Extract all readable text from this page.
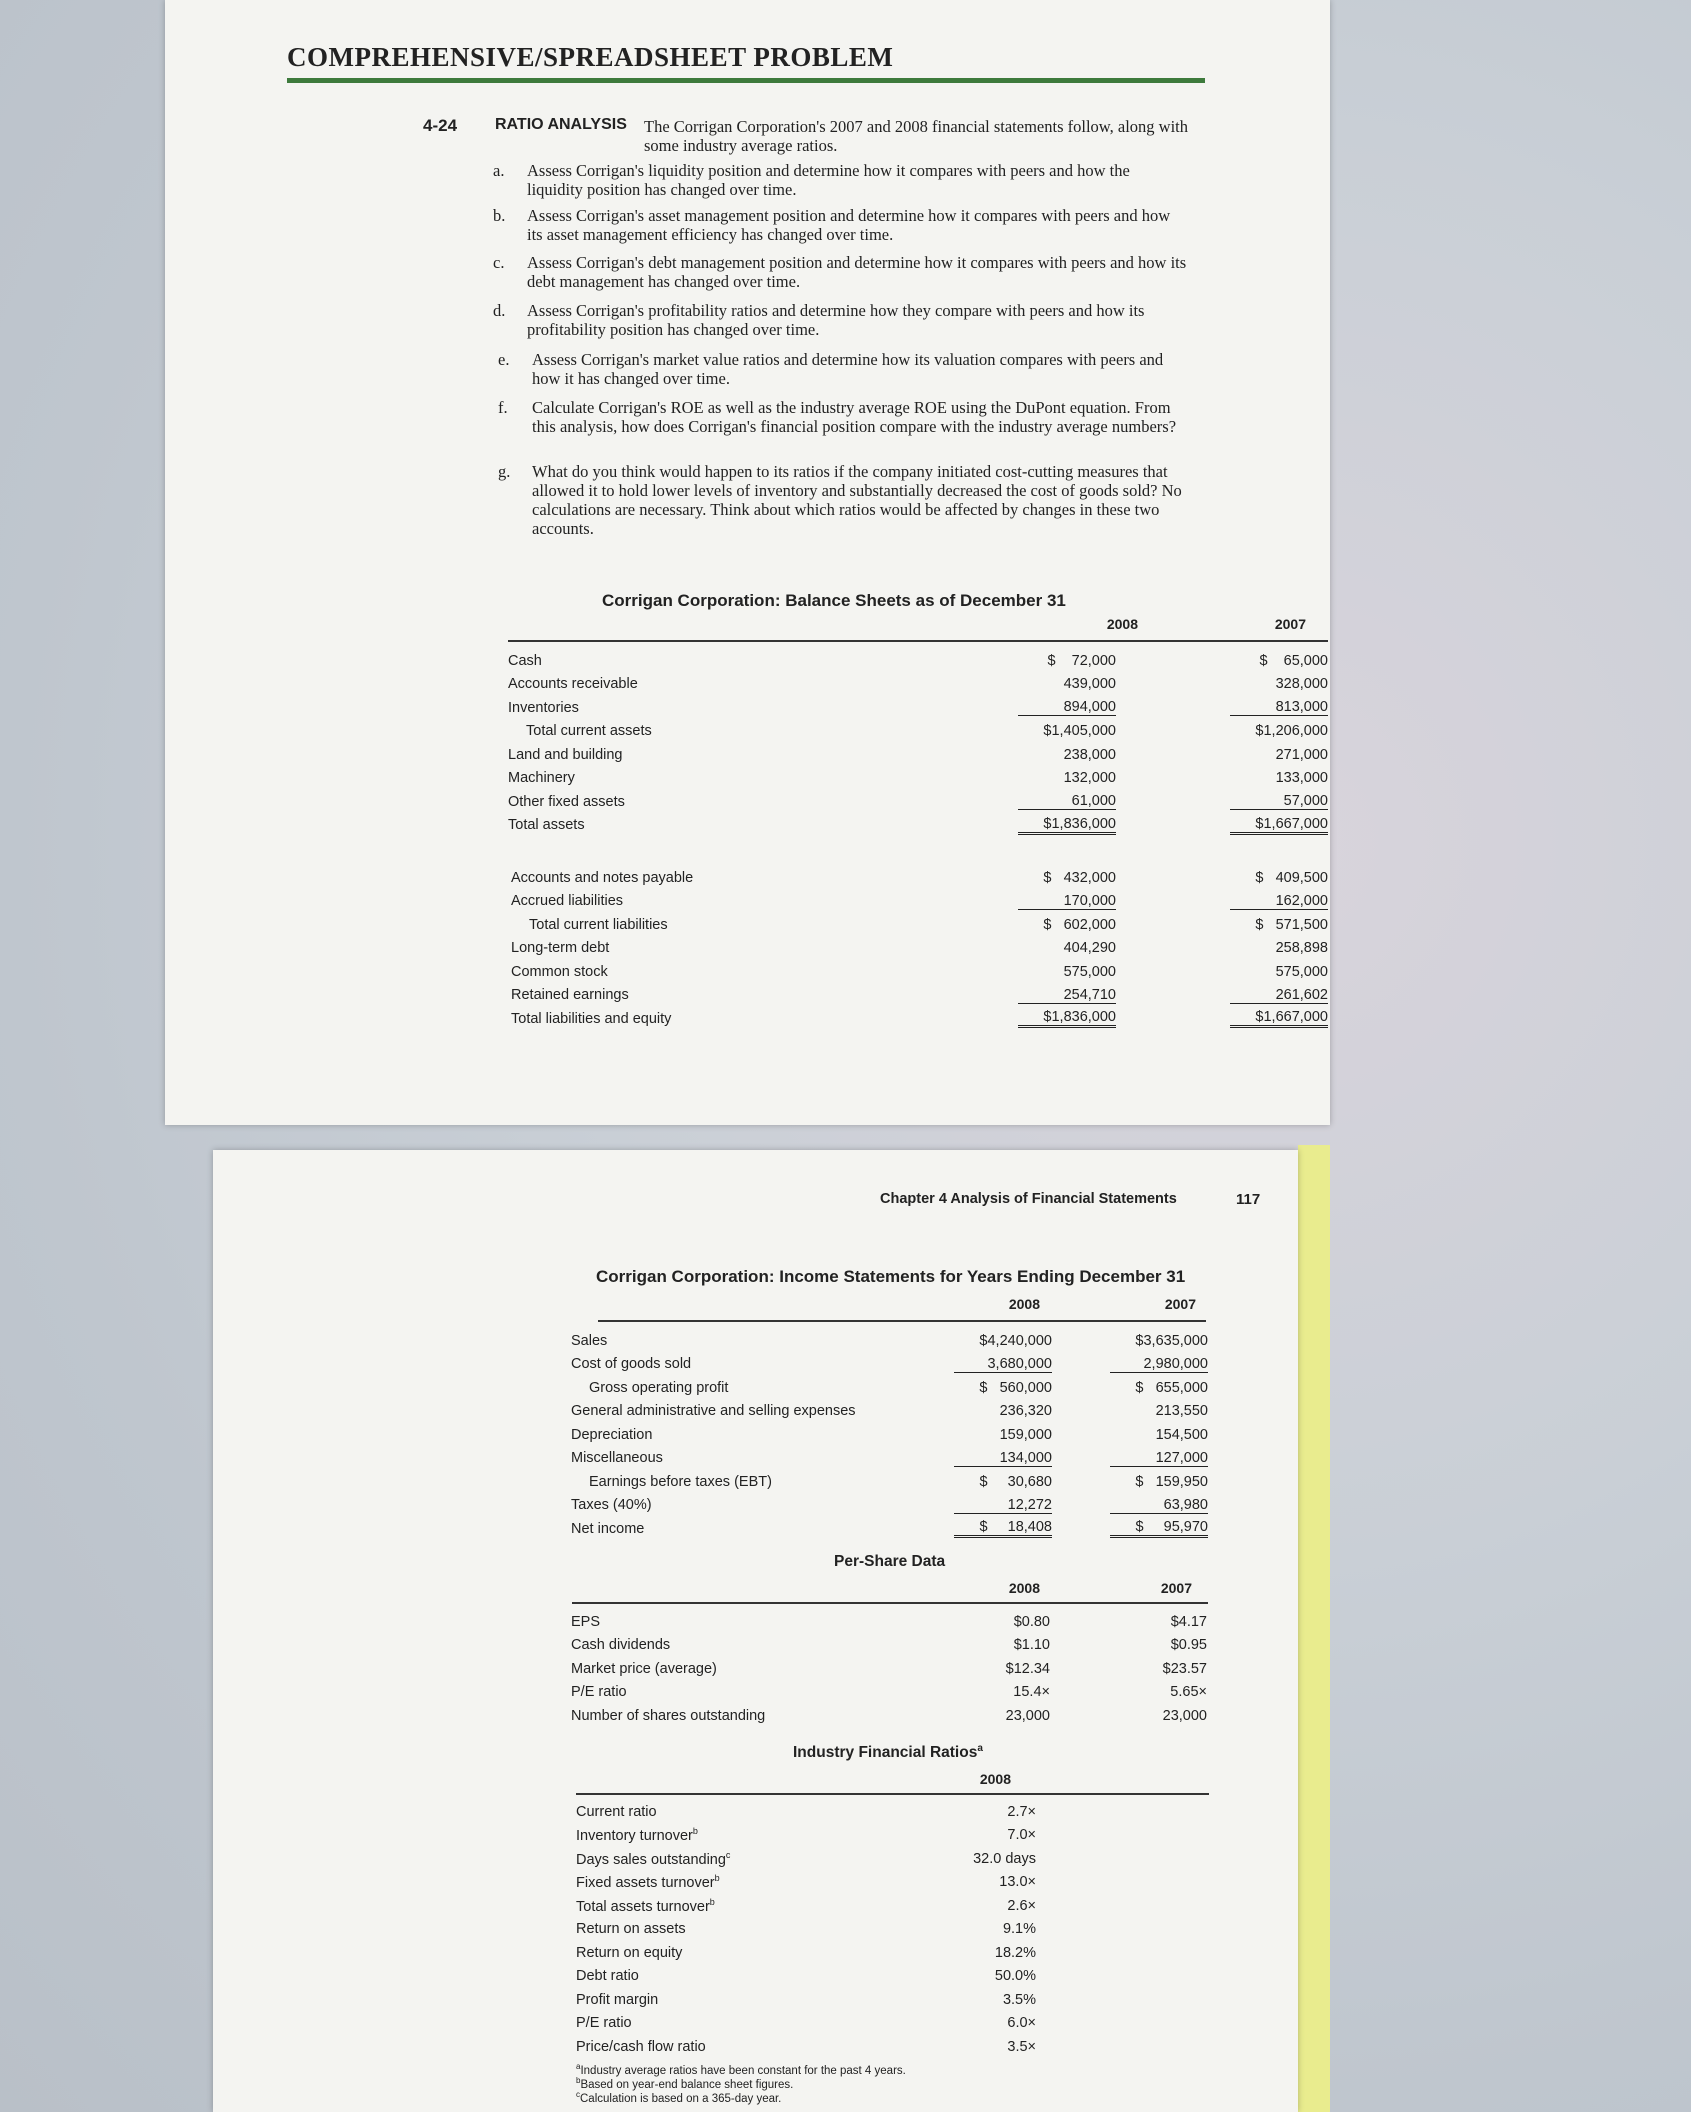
COMPREHENSIVE/SPREADSHEET PROBLEM
4-24 RATIO ANALYSIS The Corrigan Corporation's 2007 and 2008 financial statements follow, along with some industry average ratios.
a. Assess Corrigan's liquidity position and determine how it compares with peers and how the liquidity position has changed over time.
b. Assess Corrigan's asset management position and determine how it compares with peers and how its asset management efficiency has changed over time.
c. Assess Corrigan's debt management position and determine how it compares with peers and how its debt management has changed over time.
d. Assess Corrigan's profitability ratios and determine how they compare with peers and how its profitability position has changed over time.
e. Assess Corrigan's market value ratios and determine how its valuation compares with peers and how it has changed over time.
f. Calculate Corrigan's ROE as well as the industry average ROE using the DuPont equation. From this analysis, how does Corrigan's financial position compare with the industry average numbers?
g. What do you think would happen to its ratios if the company initiated cost-cutting measures that allowed it to hold lower levels of inventory and substantially decreased the cost of goods sold? No calculations are necessary. Think about which ratios would be affected by changes in these two accounts.
Corrigan Corporation: Balance Sheets as of December 31
2008	2007
Cash	$    72,000	$    65,000
Accounts receivable	439,000	328,000
Inventories	894,000	813,000
Total current assets	$1,405,000	$1,206,000
Land and building	238,000	271,000
Machinery	132,000	133,000
Other fixed assets	61,000	57,000
Total assets	$1,836,000	$1,667,000
Accounts and notes payable	$   432,000	$   409,500
Accrued liabilities	170,000	162,000
Total current liabilities	$   602,000	$   571,500
Long-term debt	404,290	258,898
Common stock	575,000	575,000
Retained earnings	254,710	261,602
Total liabilities and equity	$1,836,000	$1,667,000
Chapter 4 Analysis of Financial Statements	117
Corrigan Corporation: Income Statements for Years Ending December 31
2008	2007
Sales	$4,240,000	$3,635,000
Cost of goods sold	3,680,000	2,980,000
Gross operating profit	$   560,000	$   655,000
General administrative and selling expenses	236,320	213,550
Depreciation	159,000	154,500
Miscellaneous	134,000	127,000
Earnings before taxes (EBT)	$     30,680	$   159,950
Taxes (40%)	12,272	63,980
Net income	$     18,408	$     95,970
Per-Share Data
2008	2007
EPS	$0.80	$4.17
Cash dividends	$1.10	$0.95
Market price (average)	$12.34	$23.57
P/E ratio	15.4×	5.65×
Number of shares outstanding	23,000	23,000
Industry Financial Ratios$^a$
2008
Current ratio	2.7×
Inventory turnover$^b$	7.0×
Days sales outstanding$^c$	32.0 days
Fixed assets turnover$^b$	13.0×
Total assets turnover$^b$	2.6×
Return on assets	9.1%
Return on equity	18.2%
Debt ratio	50.0%
Profit margin	3.5%
P/E ratio	6.0×
Price/cash flow ratio	3.5×
$^a$Industry average ratios have been constant for the past 4 years.
$^b$Based on year-end balance sheet figures.
$^c$Calculation is based on a 365-day year.
